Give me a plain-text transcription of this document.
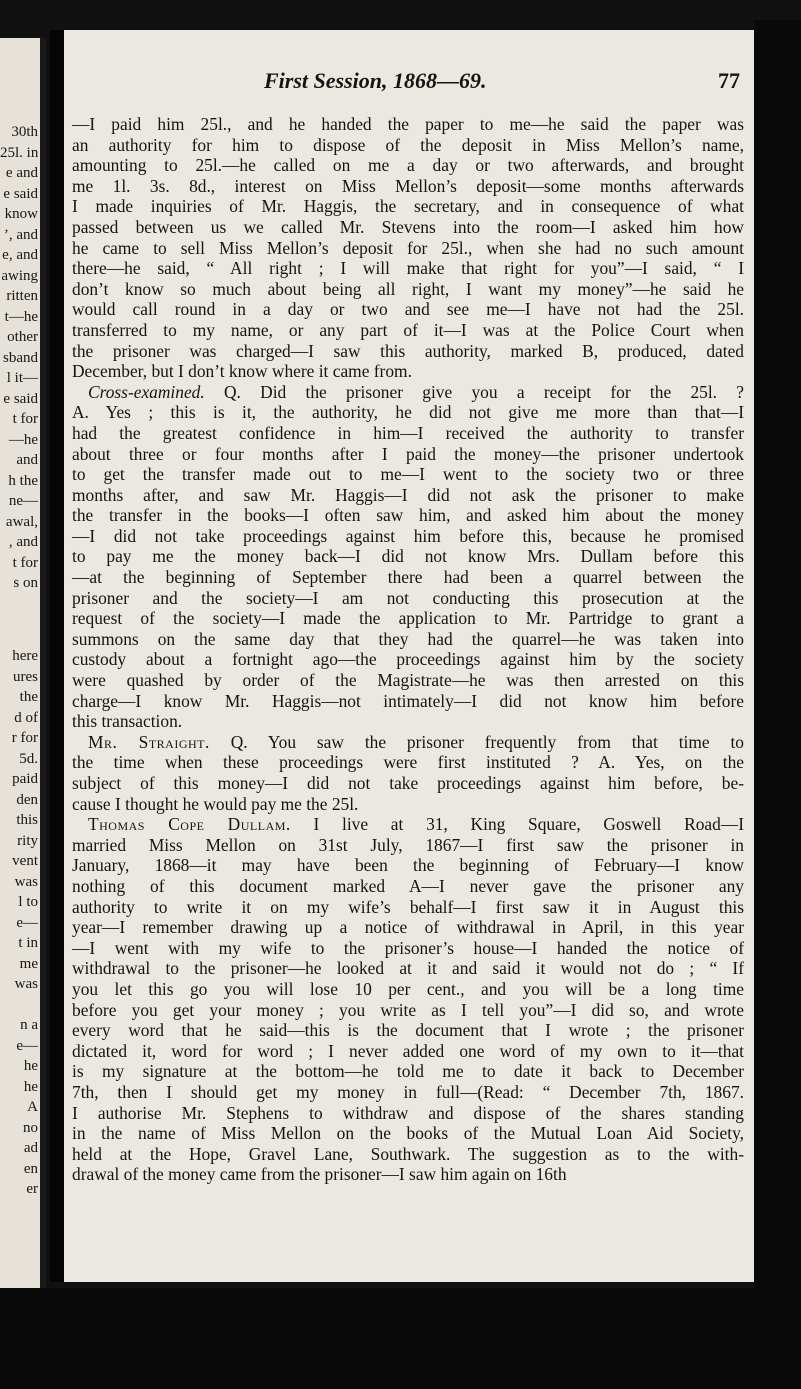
30th
25l. in
e and
e said
know
’, and
e, and
awing
ritten
t—he
other
sband
l it—
e said
t for
—he
and
h the
ne—
awal,
, and
t for
s on
here
ures
the
d of
r for
5d.
paid
den
this
rity
vent
was
l to
e—
t in
me
was
n a
e—
he
he
A
no
ad
en
er
First Session, 1868—69.	77

—I paid him 25l., and he handed the paper to me—he said the paper was

an authority for him to dispose of the deposit in Miss Mellon’s name,

amounting to 25l.—he called on me a day or two afterwards, and brought

me 1l. 3s. 8d., interest on Miss Mellon’s deposit—some months afterwards

I made inquiries of Mr. Haggis, the secretary, and in consequence of what

passed between us we called Mr. Stevens into the room—I asked him how

he came to sell Miss Mellon’s deposit for 25l., when she had no such amount

there—he said, “ All right ; I will make that right for you”—I said, “ I

don’t know so much about being all right, I want my money”—he said he

would call round in a day or two and see me—I have not had the 25l.

transferred to my name, or any part of it—I was at the Police Court when

the prisoner was charged—I saw this authority, marked B, produced, dated

December, but I don’t know where it came from.

Cross-examined. Q. Did the prisoner give you a receipt for the 25l. ?

A. Yes ; this is it, the authority, he did not give me more than that—I

had the greatest confidence in him—I received the authority to transfer

about three or four months after I paid the money—the prisoner undertook

to get the transfer made out to me—I went to the society two or three

months after, and saw Mr. Haggis—I did not ask the prisoner to make

the transfer in the books—I often saw him, and asked him about the money

—I did not take proceedings against him before this, because he promised

to pay me the money back—I did not know Mrs. Dullam before this

—at the beginning of September there had been a quarrel between the

prisoner and the society—I am not conducting this prosecution at the

request of the society—I made the application to Mr. Partridge to grant a

summons on the same day that they had the quarrel—he was taken into

custody about a fortnight ago—the proceedings against him by the society

were quashed by order of the Magistrate—he was then arrested on this

charge—I know Mr. Haggis—not intimately—I did not know him before

this transaction.

Mr. Straight. Q. You saw the prisoner frequently from that time to

the time when these proceedings were first instituted ? A. Yes, on the

subject of this money—I did not take proceedings against him before, be-

cause I thought he would pay me the 25l.

Thomas Cope Dullam. I live at 31, King Square, Goswell Road—I

married Miss Mellon on 31st July, 1867—I first saw the prisoner in

January, 1868—it may have been the beginning of February—I know

nothing of this document marked A—I never gave the prisoner any

authority to write it on my wife’s behalf—I first saw it in August this

year—I remember drawing up a notice of withdrawal in April, in this year

—I went with my wife to the prisoner’s house—I handed the notice of

withdrawal to the prisoner—he looked at it and said it would not do ; “ If

you let this go you will lose 10 per cent., and you will be a long time

before you get your money ; you write as I tell you”—I did so, and wrote

every word that he said—this is the document that I wrote ; the prisoner

dictated it, word for word ; I never added one word of my own to it—that

is my signature at the bottom—he told me to date it back to December

7th, then I should get my money in full—(Read: “ December 7th, 1867.

I authorise Mr. Stephens to withdraw and dispose of the shares standing

in the name of Miss Mellon on the books of the Mutual Loan Aid Society,

held at the Hope, Gravel Lane, Southwark. The suggestion as to the with-

drawal of the money came from the prisoner—I saw him again on 16th
